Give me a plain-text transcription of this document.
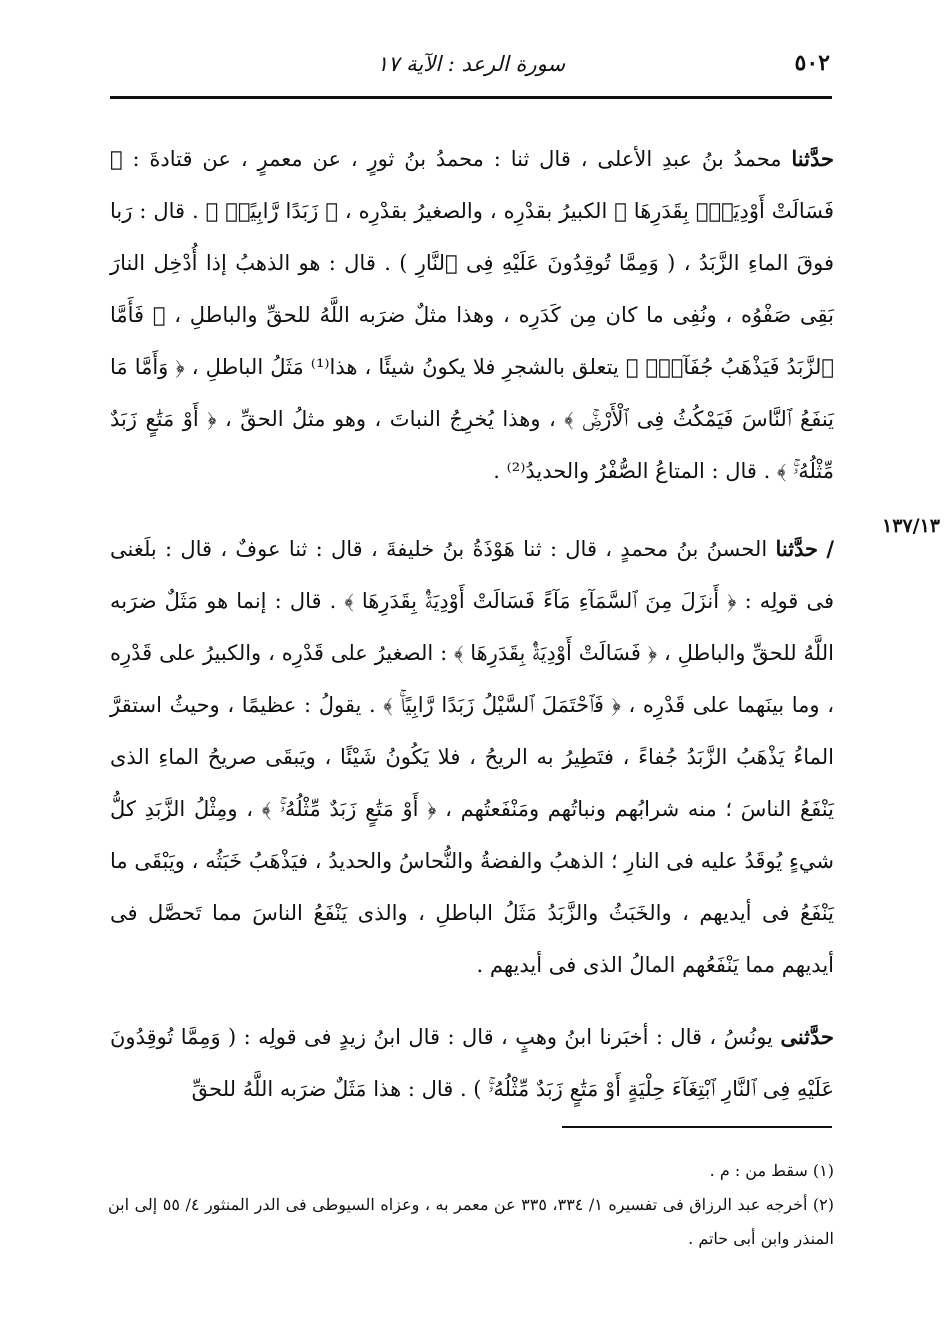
٥٠٢
سورة الرعد : الآية ١٧

حدَّثنا محمدُ بنُ عبدِ الأعلى ، قال ثنا : محمدُ بنُ ثورٍ ، عن معمرٍ ، عن قتادةَ : ﴿ فَسَالَتْ أَوْدِيَةٌۢ بِقَدَرِهَا ﴾ الكبيرُ بقدْرِه ، والصغيرُ بقدْرِه ، ﴿ زَبَدًا رَّابِيًاۚ ﴾ . قال : رَبا فوقَ الماءِ الزَّبَدُ ، ( وَمِمَّا تُوقِدُونَ عَلَيْهِ فِى ٱلنَّارِ ) . قال : هو الذهبُ إذا أُدْخِل النارَ بَقِى صَفْوُه ، ونُفِى ما كان مِن كَدَرِه ، وهذا مثلٌ ضرَبه اللَّهُ للحقِّ والباطلِ ، ﴿ فَأَمَّا ٱلزَّبَدُ فَيَذْهَبُ جُفَآءًۖ ﴾ يتعلق بالشجرِ فلا يكونُ شيئًا ، هذا⁽¹⁾ مَثَلُ الباطلِ ، ﴿ وَأَمَّا مَا يَنفَعُ ٱلنَّاسَ فَيَمْكُثُ فِى ٱلْأَرْضِۚ ﴾ ، وهذا يُخرِجُ النباتَ ، وهو مثلُ الحقِّ ، ﴿ أَوْ مَتَٰعٍ زَبَدٌ مِّثْلُهُۥۚ ﴾ . قال : المتاعُ الصُّفْرُ والحديدُ⁽²⁾ .

١٣٧/١٣

/ حدَّثنا الحسنُ بنُ محمدٍ ، قال : ثنا هَوْذَةُ بنُ خليفةَ ، قال : ثنا عوفٌ ، قال : بلَغنى فى قولِه : ﴿ أَنزَلَ مِنَ ٱلسَّمَآءِ مَآءً فَسَالَتْ أَوْدِيَةٌۢ بِقَدَرِهَا ﴾ . قال : إنما هو مَثَلٌ ضرَبه اللَّهُ للحقِّ والباطلِ ، ﴿ فَسَالَتْ أَوْدِيَةٌۢ بِقَدَرِهَا ﴾ : الصغيرُ على قَدْرِه ، والكبيرُ على قَدْرِه ، وما بينَهما على قَدْرِه ، ﴿ فَٱحْتَمَلَ ٱلسَّيْلُ زَبَدًا رَّابِيًاۚ ﴾ . يقولُ : عظيمًا ، وحيثُ استقرَّ الماءُ يَذْهَبُ الزَّبَدُ جُفاءً ، فتَطِيرُ به الريحُ ، فلا يَكُونُ شَيْئًا ، ويَبقَى صريحُ الماءِ الذى يَنْفَعُ الناسَ ؛ منه شرابُهم ونباتُهم ومَنْفَعتُهم ، ﴿ أَوْ مَتَٰعٍ زَبَدٌ مِّثْلُهُۥۚ ﴾ ، ومِثْلُ الزَّبَدِ كلُّ شيءٍ يُوقَدُ عليه فى النارِ ؛ الذهبُ والفضةُ والنُّحاسُ والحديدُ ، فيَذْهَبُ خَبَثُه ، ويَبْقَى ما يَنْفَعُ فى أيديهم ، والخَبَثُ والزَّبَدُ مَثَلُ الباطلِ ، والذى يَنْفَعُ الناسَ مما تَحصَّل فى أيديهم مما يَنْفَعُهم المالُ الذى فى أيديهم .

حدَّثنى يونُسُ ، قال : أخبَرنا ابنُ وهبٍ ، قال : قال ابنُ زيدٍ فى قولِه : ( وَمِمَّا تُوقِدُونَ عَلَيْهِ فِى ٱلنَّارِ ٱبْتِغَآءَ حِلْيَةٍ أَوْ مَتَٰعٍ زَبَدٌ مِّثْلُهُۥۚ ) . قال : هذا مَثَلٌ ضرَبه اللَّهُ للحقِّ

(١) سقط من : م .

(٢) أخرجه عبد الرزاق فى تفسيره ١/ ٣٣٤، ٣٣٥ عن معمر به ، وعزاه السيوطى فى الدر المنثور ٤/ ٥٥ إلى ابن المنذر وابن أبى حاتم .
